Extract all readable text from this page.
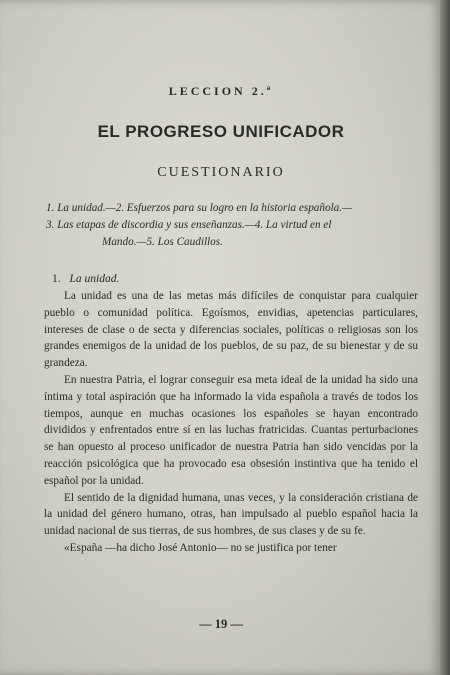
LECCION 2.ª
EL PROGRESO UNIFICADOR
CUESTIONARIO
1. La unidad.—2. Esfuerzos para su logro en la historia española.—
3. Las etapas de discordia y sus enseñanzas.—4. La virtud en el
Mando.—5. Los Caudillos.
1. La unidad.

La unidad es una de las metas más difíciles de conquistar para cualquier pueblo o comunidad política. Egoísmos, envidias, apetencias particulares, intereses de clase o de secta y diferencias sociales, políticas o religiosas son los grandes enemigos de la unidad de los pueblos, de su paz, de su bienestar y de su grandeza.

En nuestra Patria, el lograr conseguir esa meta ideal de la unidad ha sido una íntima y total aspiración que ha informado la vida española a través de todos los tiempos, aunque en muchas ocasiones los españoles se hayan encontrado divididos y enfrentados entre sí en las luchas fratricidas. Cuantas perturbaciones se han opuesto al proceso unificador de nuestra Patria han sido vencidas por la reacción psicológica que ha provocado esa obsesión instintiva que ha tenido el español por la unidad.

El sentido de la dignidad humana, unas veces, y la consideración cristiana de la unidad del género humano, otras, han impulsado al pueblo español hacia la unidad nacional de sus tierras, de sus hombres, de sus clases y de su fe.

«España —ha dicho José Antonio— no se justifica por tener

— 19 —
